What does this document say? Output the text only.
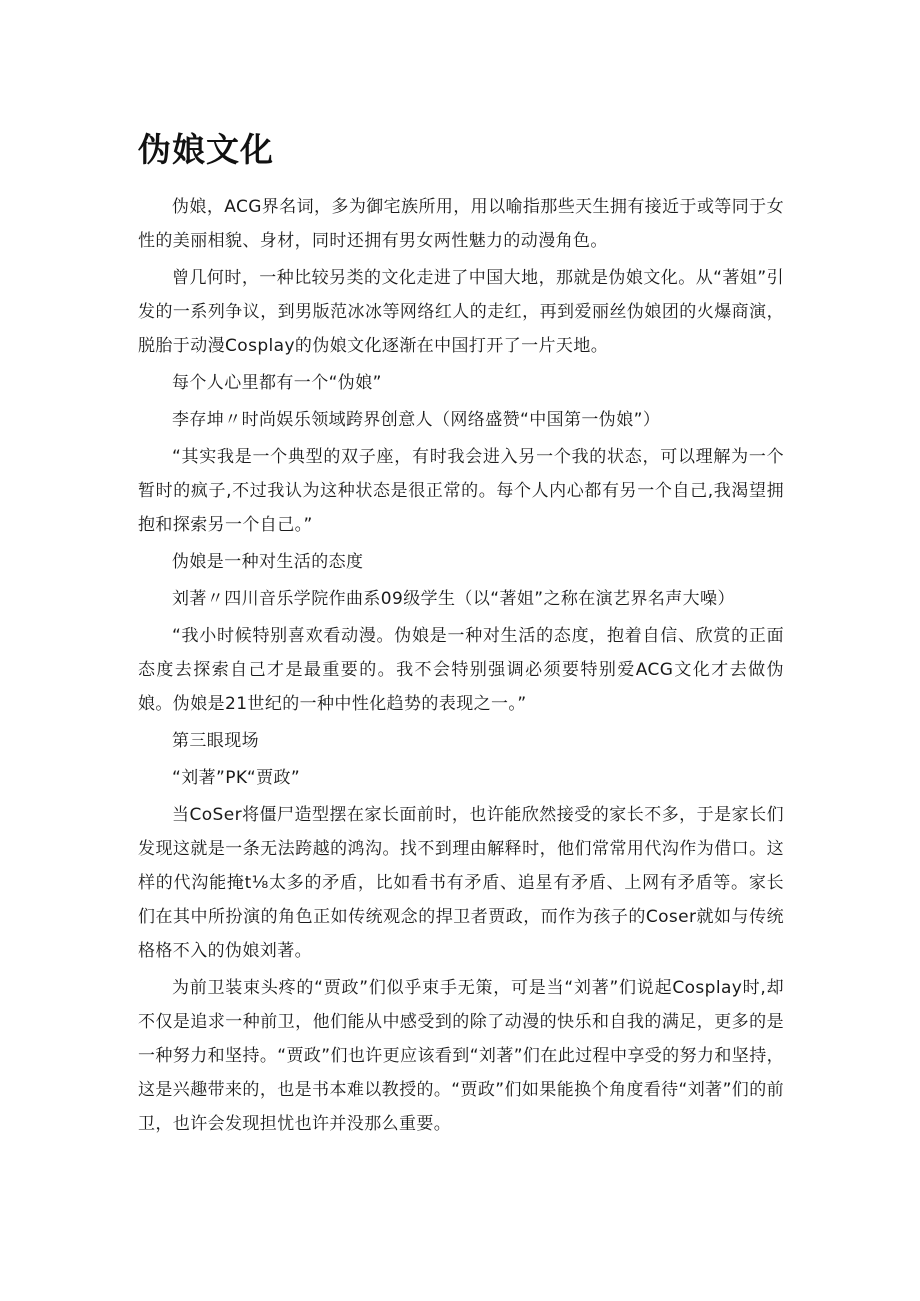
伪娘文化

伪娘，ACG界名词，多为御宅族所用，用以喻指那些天生拥有接近于或等同于女性的美丽相貌、身材，同时还拥有男女两性魅力的动漫角色。

曾几何时，一种比较另类的文化走进了中国大地，那就是伪娘文化。从“著姐”引发的一系列争议，到男版范冰冰等网络红人的走红，再到爱丽丝伪娘团的火爆商演，脱胎于动漫Cosplay的伪娘文化逐渐在中国打开了一片天地。

每个人心里都有一个“伪娘”

李存坤〃时尚娱乐领域跨界创意人（网络盛赞“中国第一伪娘”）

“其实我是一个典型的双子座，有时我会进入另一个我的状态，可以理解为一个暂时的疯子,不过我认为这种状态是很正常的。每个人内心都有另一个自己,我渴望拥抱和探索另一个自己。”

伪娘是一种对生活的态度

刘著〃四川音乐学院作曲系09级学生（以“著姐”之称在演艺界名声大噪）

“我小时候特别喜欢看动漫。伪娘是一种对生活的态度，抱着自信、欣赏的正面态度去探索自己才是最重要的。我不会特别强调必须要特别爱ACG文化才去做伪娘。伪娘是21世纪的一种中性化趋势的表现之一。”

第三眼现场

“刘著”PK“贾政”

当CoSer将僵尸造型摆在家长面前时，也许能欣然接受的家长不多，于是家长们发现这就是一条无法跨越的鸿沟。找不到理由解释时，他们常常用代沟作为借口。这样的代沟能掩t⅛太多的矛盾，比如看书有矛盾、追星有矛盾、上网有矛盾等。家长们在其中所扮演的角色正如传统观念的捍卫者贾政，而作为孩子的Coser就如与传统格格不入的伪娘刘著。

为前卫装束头疼的“贾政”们似乎束手无策，可是当“刘著”们说起Cosplay时,却不仅是追求一种前卫，他们能从中感受到的除了动漫的快乐和自我的满足，更多的是一种努力和坚持。“贾政”们也许更应该看到“刘著”们在此过程中享受的努力和坚持，这是兴趣带来的，也是书本难以教授的。“贾政”们如果能换个角度看待“刘著”们的前卫，也许会发现担忧也许并没那么重要。
